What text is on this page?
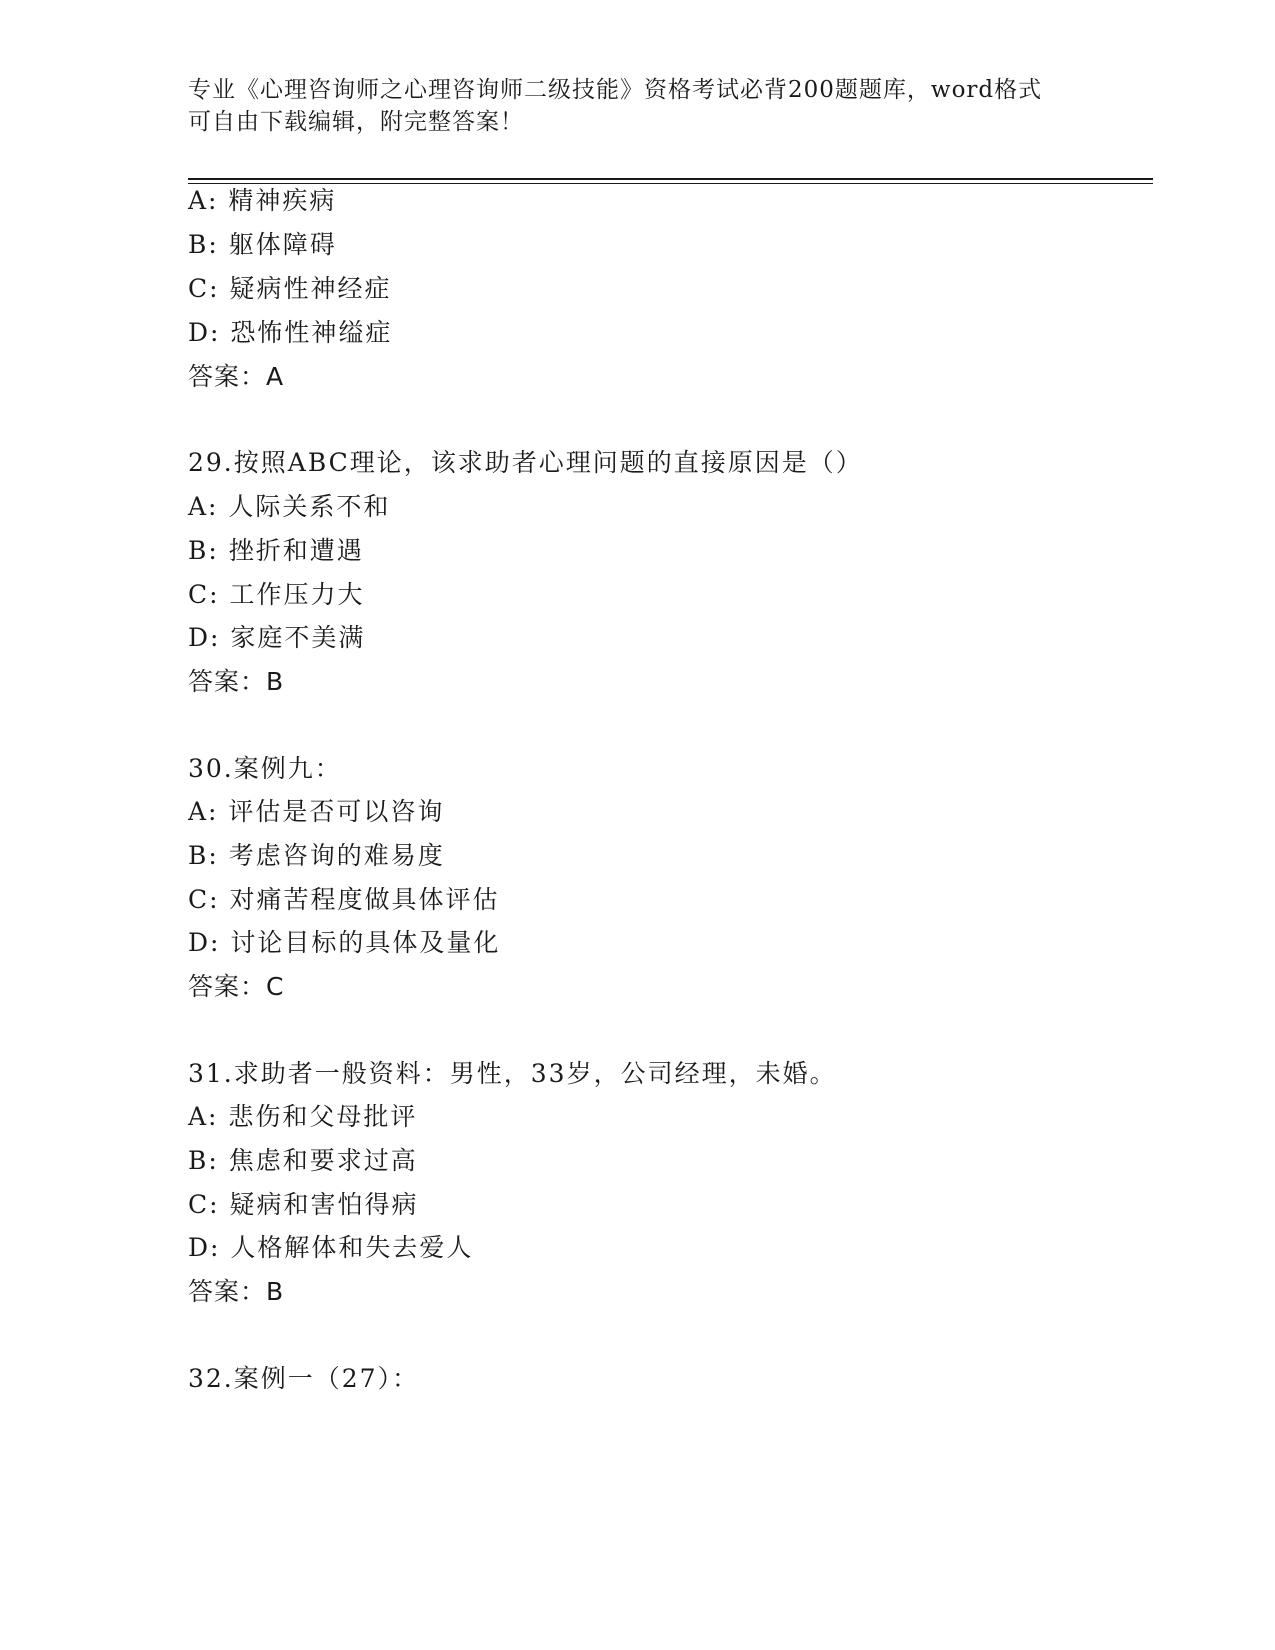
专业《心理咨询师之心理咨询师二级技能》资格考试必背200题题库，word格式
可自由下载编辑，附完整答案！
A: 精神疾病
B: 躯体障碍
C: 疑病性神经症
D: 恐怖性神缢症
答案：A
29.按照ABC理论，该求助者心理问题的直接原因是（）
A: 人际关系不和
B: 挫折和遭遇
C: 工作压力大
D: 家庭不美满
答案：B
30.案例九：
A: 评估是否可以咨询
B: 考虑咨询的难易度
C: 对痛苦程度做具体评估
D: 讨论目标的具体及量化
答案：C
31.求助者一般资料：男性，33岁，公司经理，未婚。
A: 悲伤和父母批评
B: 焦虑和要求过高
C: 疑病和害怕得病
D: 人格解体和失去爱人
答案：B
32.案例一（27）：
